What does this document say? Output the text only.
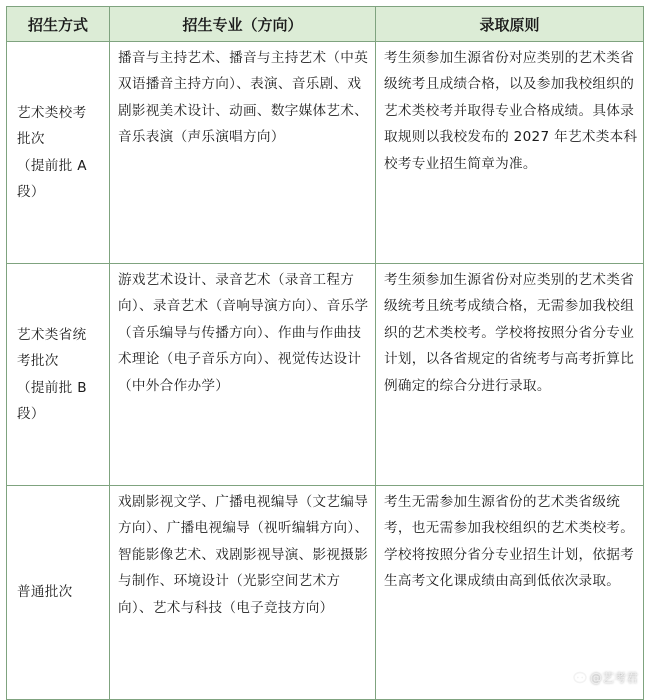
招生方式	招生专业（方向）	录取原则

艺术类校考
批次
（提前批 A
段）	播音与主持艺术、播音与主持艺术（中英双语播音主持方向）、表演、音乐剧、戏剧影视美术设计、动画、数字媒体艺术、音乐表演（声乐演唱方向）	考生须参加生源省份对应类别的艺术类省级统考且成绩合格，以及参加我校组织的艺术类校考并取得专业合格成绩。具体录取规则以我校发布的 2027 年艺术类本科校考专业招生简章为准。

艺术类省统
考批次
（提前批 B
段）	游戏艺术设计、录音艺术（录音工程方向）、录音艺术（音响导演方向）、音乐学（音乐编导与传播方向）、作曲与作曲技术理论（电子音乐方向）、视觉传达设计（中外合作办学）	考生须参加生源省份对应类别的艺术类省级统考且统考成绩合格，无需参加我校组织的艺术类校考。学校将按照分省分专业计划，以各省规定的省统考与高考折算比例确定的综合分进行录取。

普通批次	戏剧影视文学、广播电视编导（文艺编导方向）、广播电视编导（视听编辑方向）、智能影像艺术、戏剧影视导演、影视摄影与制作、环境设计（光影空间艺术方向）、艺术与科技（电子竞技方向）	考生无需参加生源省份的艺术类省级统考，也无需参加我校组织的艺术类校考。学校将按照分省分专业招生计划，依据考生高考文化课成绩由高到低依次录取。
@艺考君
